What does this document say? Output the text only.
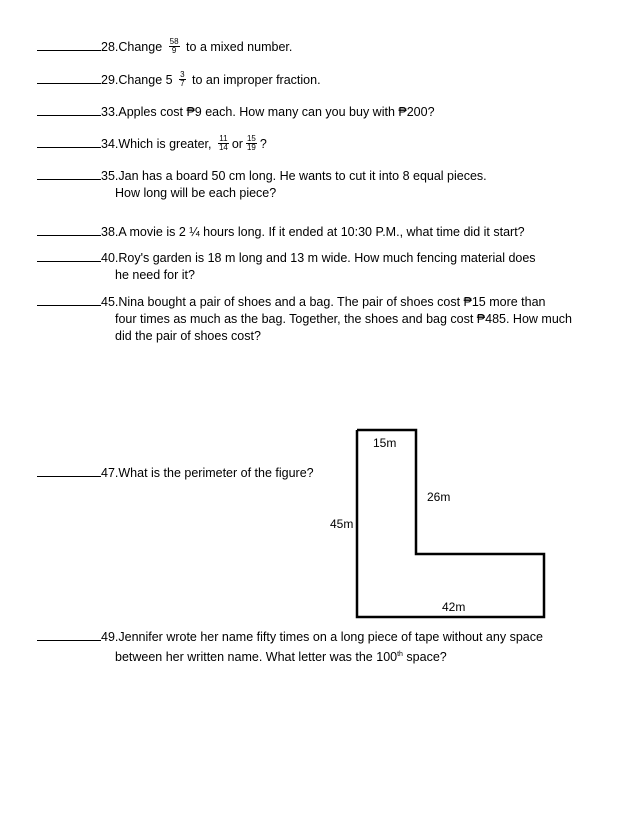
28.Change $\frac{58}{9}$ to a mixed number.
29.Change $5 \frac{3}{7}$ to an improper fraction.
33.Apples cost ₱9 each. How many can you buy with ₱200?
34.Which is greater, $\frac{11}{14}$ or $\frac{15}{19}$ ?
35.Jan has a board 50 cm long. He wants to cut it into 8 equal pieces.
How long will be each piece?
38.A movie is 2 ¼ hours long. If it ended at 10:30 P.M., what time did it start?
40.Roy's garden is 18 m long and 13 m wide. How much fencing material does
he need for it?
45.Nina bought a pair of shoes and a bag. The pair of shoes cost ₱15 more than
four times as much as the bag. Together, the shoes and bag cost ₱485. How much
did the pair of shoes cost?
47.What is the perimeter of the figure?
15m
26m
45m
42m
49.Jennifer wrote her name fifty times on a long piece of tape without any space
between her written name. What letter was the 100th space?
